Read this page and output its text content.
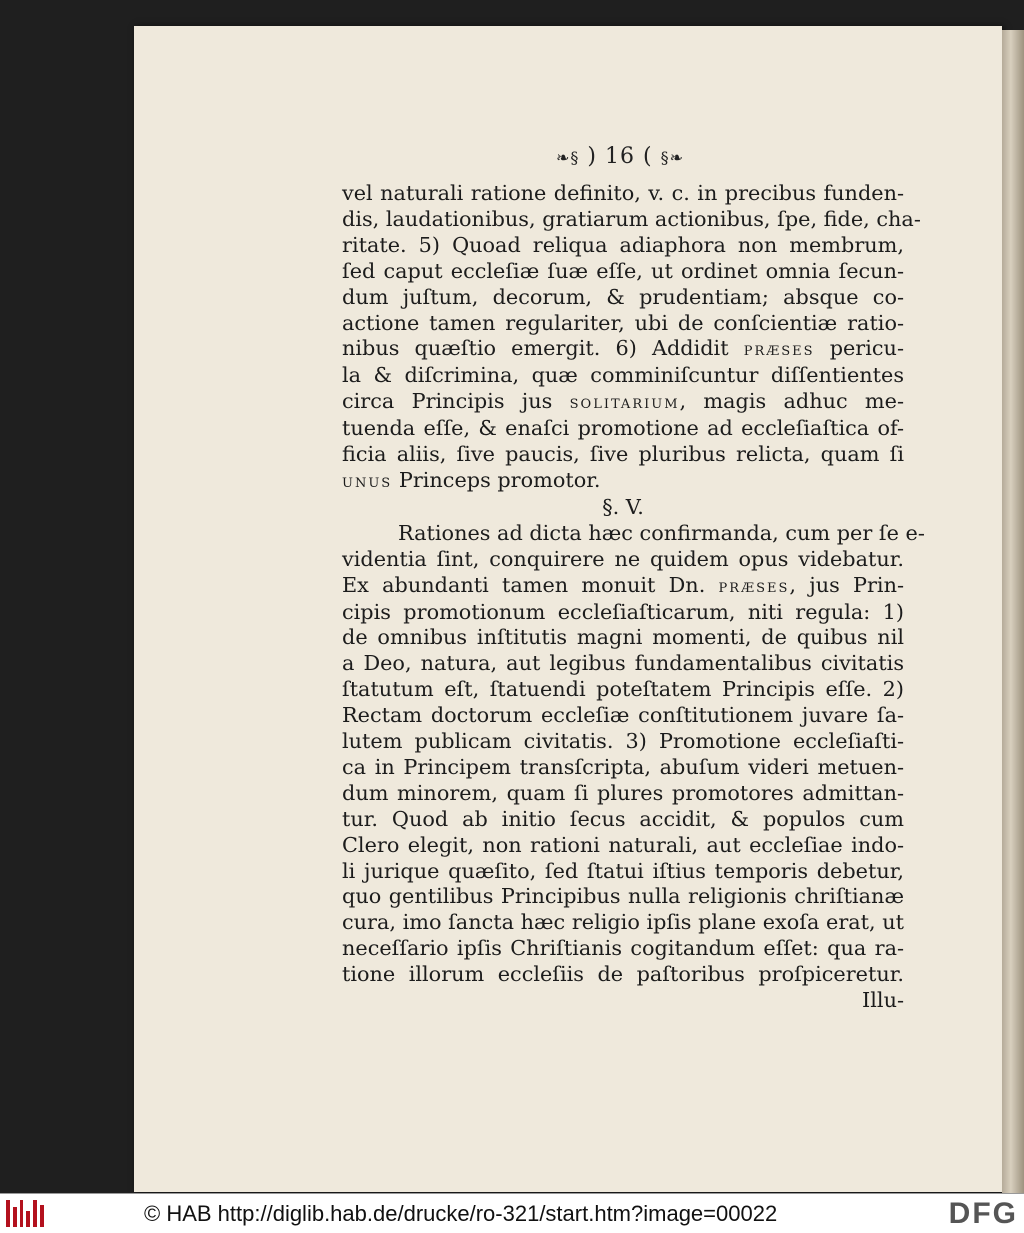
❧§ ) 16 ( §❧
vel naturali ratione definito, v. c. in precibus funden-
dis, laudationibus, gratiarum actionibus, ſpe, fide, cha-
ritate. 5) Quoad reliqua adiaphora non membrum,
ſed caput eccleſiæ ſuæ eſſe, ut ordinet omnia ſecun-
dum juſtum, decorum, & prudentiam; absque co-
actione tamen regulariter, ubi de conſcientiæ ratio-
nibus quæſtio emergit. 6) Addidit præses pericu-
la & diſcrimina, quæ comminiſcuntur diſſentientes
circa Principis jus solitarium, magis adhuc me-
tuenda eſſe, & enaſci promotione ad eccleſiaſtica of-
ficia aliis, ſive paucis, ſive pluribus relicta, quam ſi
unus Princeps promotor.
§. V.
Rationes ad dicta hæc confirmanda, cum per ſe e-
videntia ſint, conquirere ne quidem opus videbatur.
Ex abundanti tamen monuit Dn. præses, jus Prin-
cipis promotionum eccleſiaſticarum, niti regula: 1)
de omnibus inſtitutis magni momenti, de quibus nil
a Deo, natura, aut legibus fundamentalibus civitatis
ſtatutum eſt, ſtatuendi poteſtatem Principis eſſe. 2)
Rectam doctorum eccleſiæ conſtitutionem juvare ſa-
lutem publicam civitatis. 3) Promotione eccleſiaſti-
ca in Principem transſcripta, abuſum videri metuen-
dum minorem, quam ſi plures promotores admittan-
tur. Quod ab initio ſecus accidit, & populos cum
Clero elegit, non rationi naturali, aut eccleſiae indo-
li jurique quæſito, ſed ſtatui iſtius temporis debetur,
quo gentilibus Principibus nulla religionis chriſtianæ
cura, imo ſancta hæc religio ipſis plane exoſa erat, ut
neceſſario ipſis Chriſtianis cogitandum eſſet: qua ra-
tione illorum eccleſiis de paſtoribus proſpiceretur.
Illu-
© HAB http://diglib.hab.de/drucke/ro-321/start.htm?image=00022	DFG
